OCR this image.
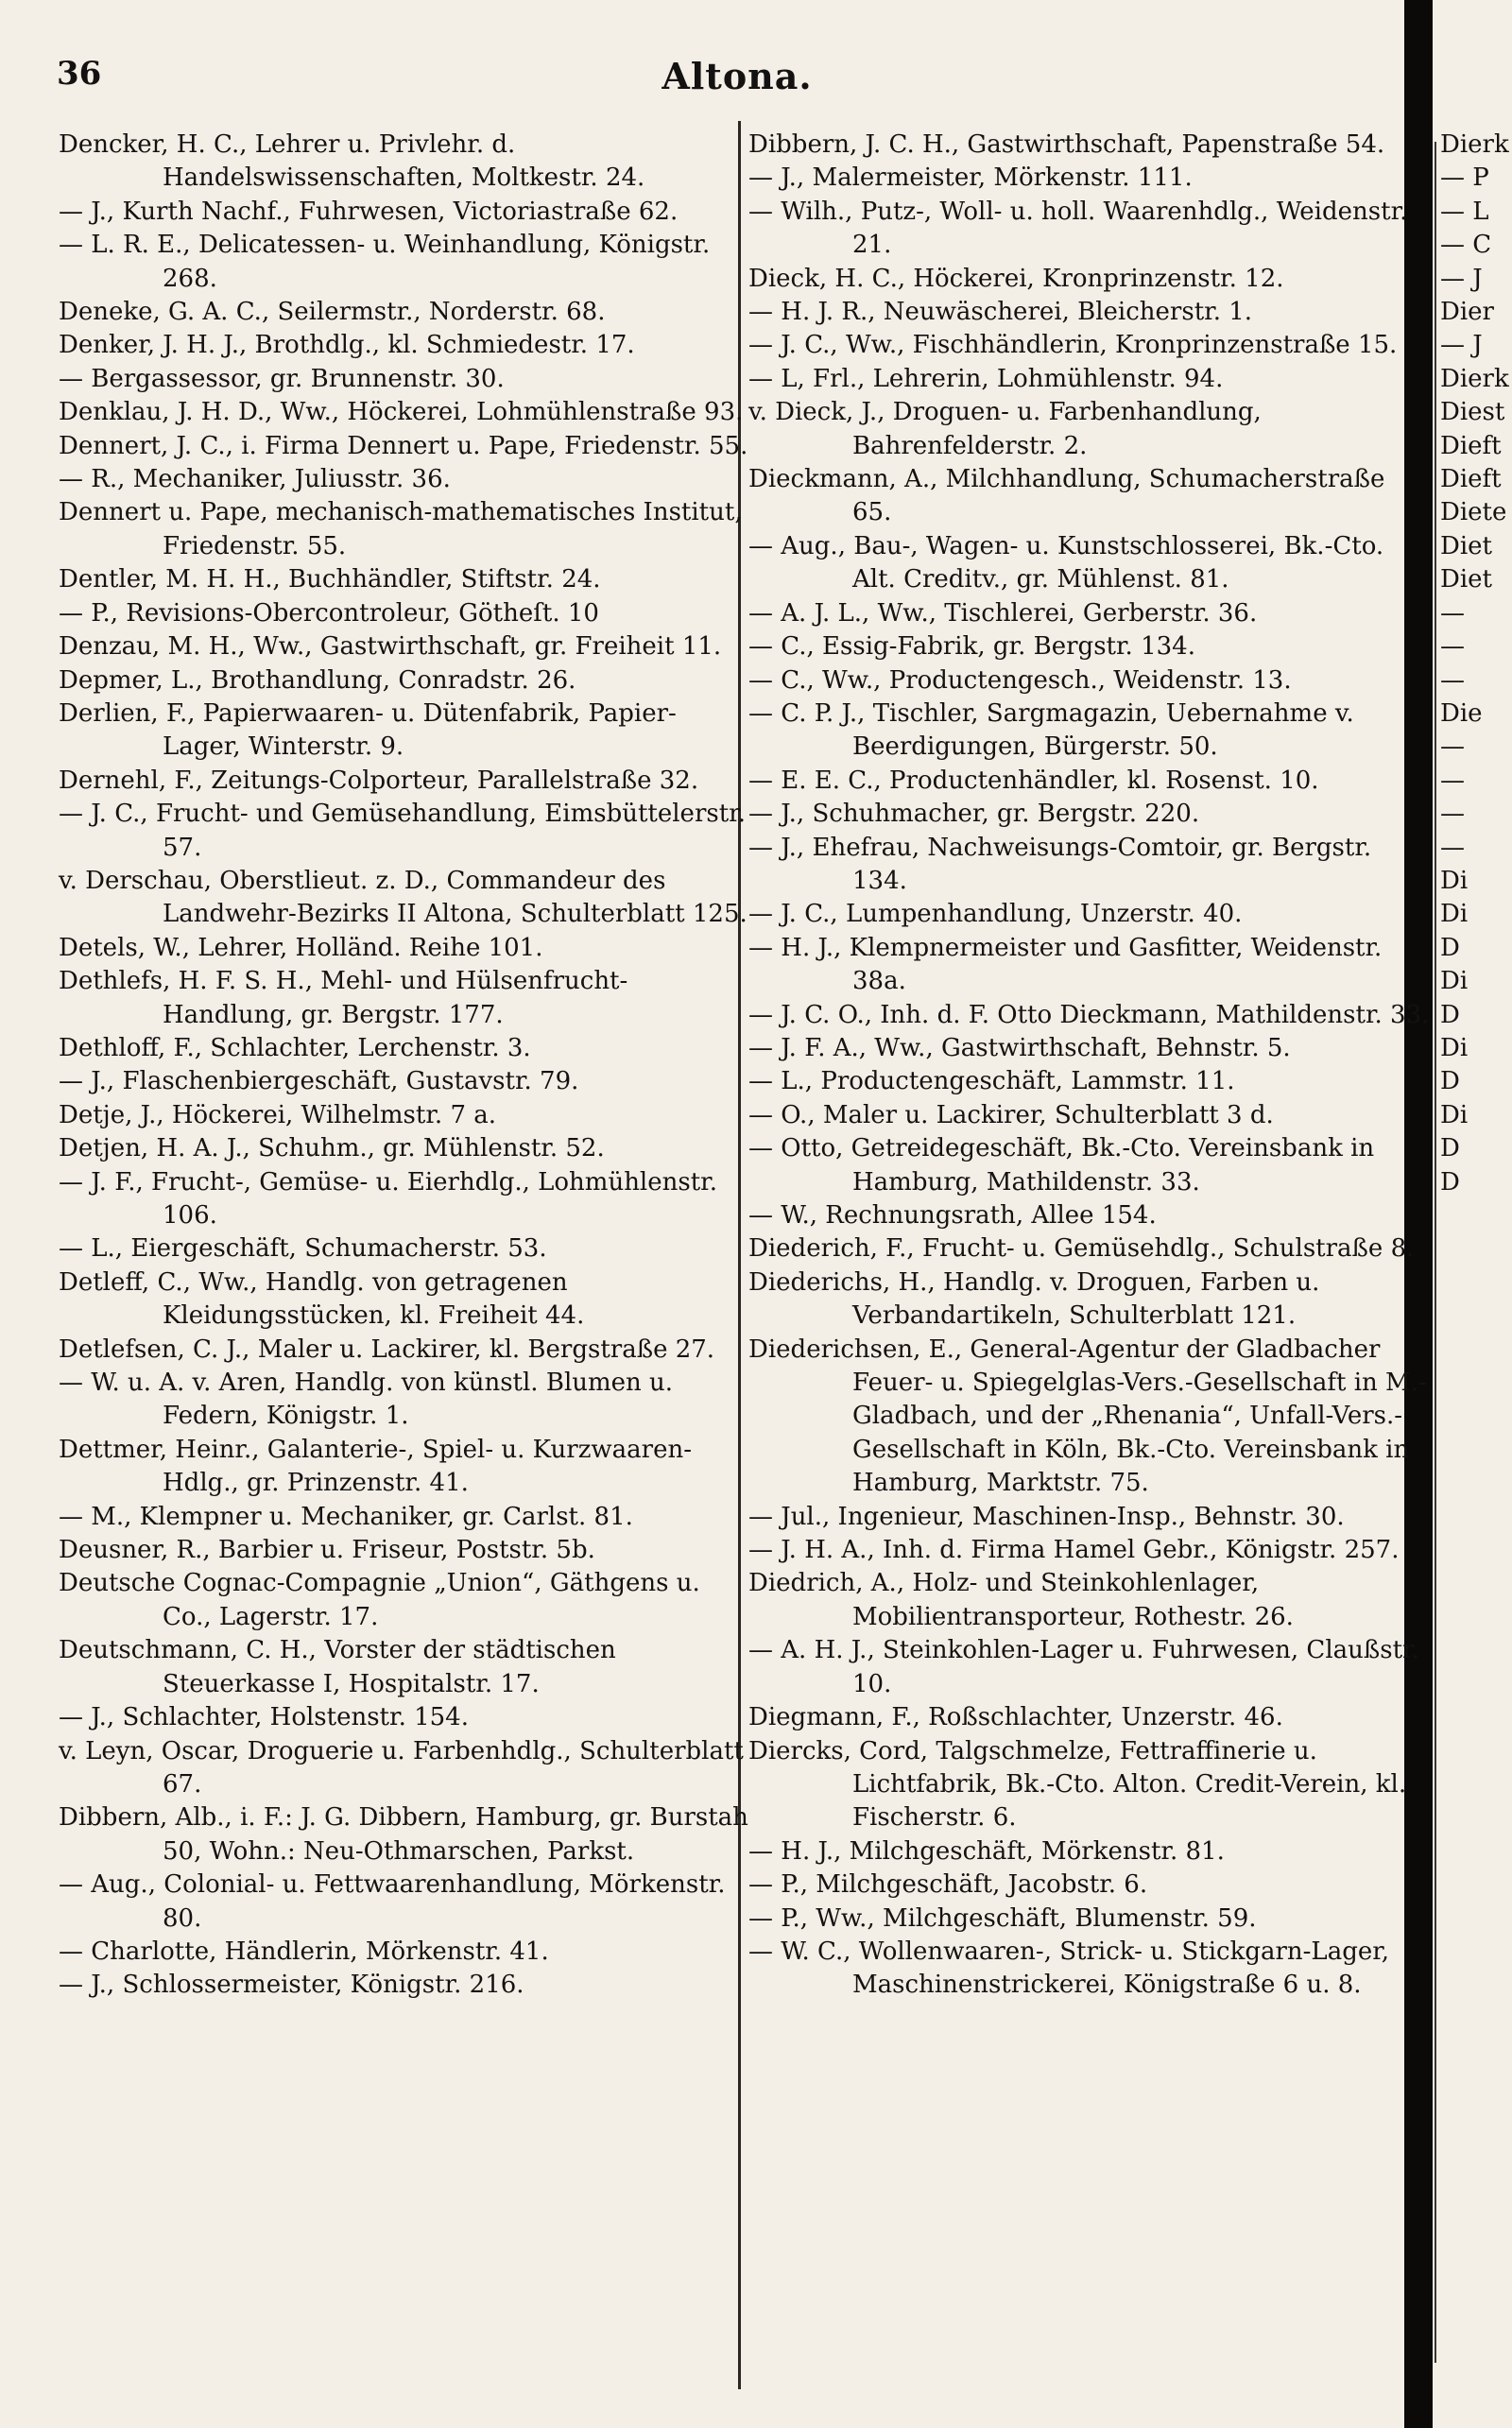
36	Altona.
Dencker, H. C., Lehrer u. Privlehr. d. Handelswissenschaften, Moltkestr. 24.
— J., Kurth Nachf., Fuhrwesen, Victoriastraße 62.
— L. R. E., Delicatessen- u. Weinhandlung, Königstr. 268.
Deneke, G. A. C., Seilermstr., Norderstr. 68.
Denker, J. H. J., Brothdlg., kl. Schmiedestr. 17.
— Bergassessor, gr. Brunnenstr. 30.
Denklau, J. H. D., Ww., Höckerei, Lohmühlenstraße 93.
Dennert, J. C., i. Firma Dennert u. Pape, Friedenstr. 55.
— R., Mechaniker, Juliusstr. 36.
Dennert u. Pape, mechanisch-mathematisches Institut, Friedenstr. 55.
Dentler, M. H. H., Buchhändler, Stiftstr. 24.
— P., Revisions-Obercontroleur, Götheſt. 10
Denzau, M. H., Ww., Gastwirthschaft, gr. Freiheit 11.
Depmer, L., Brothandlung, Conradstr. 26.
Derlien, F., Papierwaaren- u. Dütenfabrik, Papier-Lager, Winterstr. 9.
Dernehl, F., Zeitungs-Colporteur, Parallelstraße 32.
— J. C., Frucht- und Gemüsehandlung, Eimsbüttelerstr. 57.
v. Derschau, Oberstlieut. z. D., Commandeur des Landwehr-Bezirks II Altona, Schulterblatt 125.
Detels, W., Lehrer, Holländ. Reihe 101.
Dethlefs, H. F. S. H., Mehl- und Hülsenfrucht-Handlung, gr. Bergstr. 177.
Dethloff, F., Schlachter, Lerchenstr. 3.
— J., Flaschenbiergeschäft, Gustavstr. 79.
Detje, J., Höckerei, Wilhelmstr. 7 a.
Detjen, H. A. J., Schuhm., gr. Mühlenstr. 52.
— J. F., Frucht-, Gemüse- u. Eierhdlg., Lohmühlenstr. 106.
— L., Eiergeschäft, Schumacherstr. 53.
Detleff, C., Ww., Handlg. von getragenen Kleidungsstücken, kl. Freiheit 44.
Detlefsen, C. J., Maler u. Lackirer, kl. Bergstraße 27.
— W. u. A. v. Aren, Handlg. von künstl. Blumen u. Federn, Königstr. 1.
Dettmer, Heinr., Galanterie-, Spiel- u. Kurzwaaren-Hdlg., gr. Prinzenstr. 41.
— M., Klempner u. Mechaniker, gr. Carlst. 81.
Deusner, R., Barbier u. Friseur, Poststr. 5b.
Deutsche Cognac-Compagnie „Union“, Gäthgens u. Co., Lagerstr. 17.
Deutschmann, C. H., Vorster der städtischen Steuerkasse I, Hospitalstr. 17.
— J., Schlachter, Holstenstr. 154.
v. Leyn, Oscar, Droguerie u. Farbenhdlg., Schulterblatt 67.
Dibbern, Alb., i. F.: J. G. Dibbern, Hamburg, gr. Burstah 50, Wohn.: Neu-Othmarschen, Parkst.
— Aug., Colonial- u. Fettwaarenhandlung, Mörkenstr. 80.
— Charlotte, Händlerin, Mörkenstr. 41.
— J., Schlossermeister, Königstr. 216.
Dibbern, J. C. H., Gastwirthschaft, Papenstraße 54.
— J., Malermeister, Mörkenstr. 111.
— Wilh., Putz-, Woll- u. holl. Waarenhdlg., Weidenstr. 21.
Dieck, H. C., Höckerei, Kronprinzenstr. 12.
— H. J. R., Neuwäscherei, Bleicherstr. 1.
— J. C., Ww., Fischhändlerin, Kronprinzenstraße 15.
— L, Frl., Lehrerin, Lohmühlenstr. 94.
v. Dieck, J., Droguen- u. Farbenhandlung, Bahrenfelderstr. 2.
Dieckmann, A., Milchhandlung, Schumacherstraße 65.
— Aug., Bau-, Wagen- u. Kunstschlosserei, Bk.-Cto. Alt. Creditv., gr. Mühlenst. 81.
— A. J. L., Ww., Tischlerei, Gerberstr. 36.
— C., Essig-Fabrik, gr. Bergstr. 134.
— C., Ww., Productengesch., Weidenstr. 13.
— C. P. J., Tischler, Sargmagazin, Uebernahme v. Beerdigungen, Bürgerstr. 50.
— E. E. C., Productenhändler, kl. Rosenst. 10.
— J., Schuhmacher, gr. Bergstr. 220.
— J., Ehefrau, Nachweisungs-Comtoir, gr. Bergstr. 134.
— J. C., Lumpenhandlung, Unzerstr. 40.
— H. J., Klempnermeister und Gasfitter, Weidenstr. 38a.
— J. C. O., Inh. d. F. Otto Dieckmann, Mathildenstr. 33.
— J. F. A., Ww., Gastwirthschaft, Behnstr. 5.
— L., Productengeschäft, Lammstr. 11.
— O., Maler u. Lackirer, Schulterblatt 3 d.
— Otto, Getreidegeschäft, Bk.-Cto. Vereinsbank in Hamburg, Mathildenstr. 33.
— W., Rechnungsrath, Allee 154.
Diederich, F., Frucht- u. Gemüsehdlg., Schulstraße 8.
Diederichs, H., Handlg. v. Droguen, Farben u. Verbandartikeln, Schulterblatt 121.
Diederichsen, E., General-Agentur der Gladbacher Feuer- u. Spiegelglas-Vers.-Gesellschaft in M.-Gladbach, und der „Rhenania“, Unfall-Vers.-Gesellschaft in Köln, Bk.-Cto. Vereinsbank in Hamburg, Marktstr. 75.
— Jul., Ingenieur, Maschinen-Insp., Behnstr. 30.
— J. H. A., Inh. d. Firma Hamel Gebr., Königstr. 257.
Diedrich, A., Holz- und Steinkohlenlager, Mobilientransporteur, Rothestr. 26.
— A. H. J., Steinkohlen-Lager u. Fuhrwesen, Claußstr. 10.
Diegmann, F., Roßschlachter, Unzerstr. 46.
Diercks, Cord, Talgschmelze, Fettraffinerie u. Lichtfabrik, Bk.-Cto. Alton. Credit-Verein, kl. Fischerstr. 6.
— H. J., Milchgeschäft, Mörkenstr. 81.
— P., Milchgeschäft, Jacobstr. 6.
— P., Ww., Milchgeschäft, Blumenstr. 59.
— W. C., Wollenwaaren-, Strick- u. Stickgarn-Lager, Maschinenstrickerei, Königstraße 6 u. 8.
Dierk
— P
— L
— C
— J
Dier
— J
Dierk
Diest
Dieft
Dieft
Diete
Diet
Diet
—
—
—
Die
—
—
—
—
Di
Di
D
Di
D
Di
D
Di
D
D
